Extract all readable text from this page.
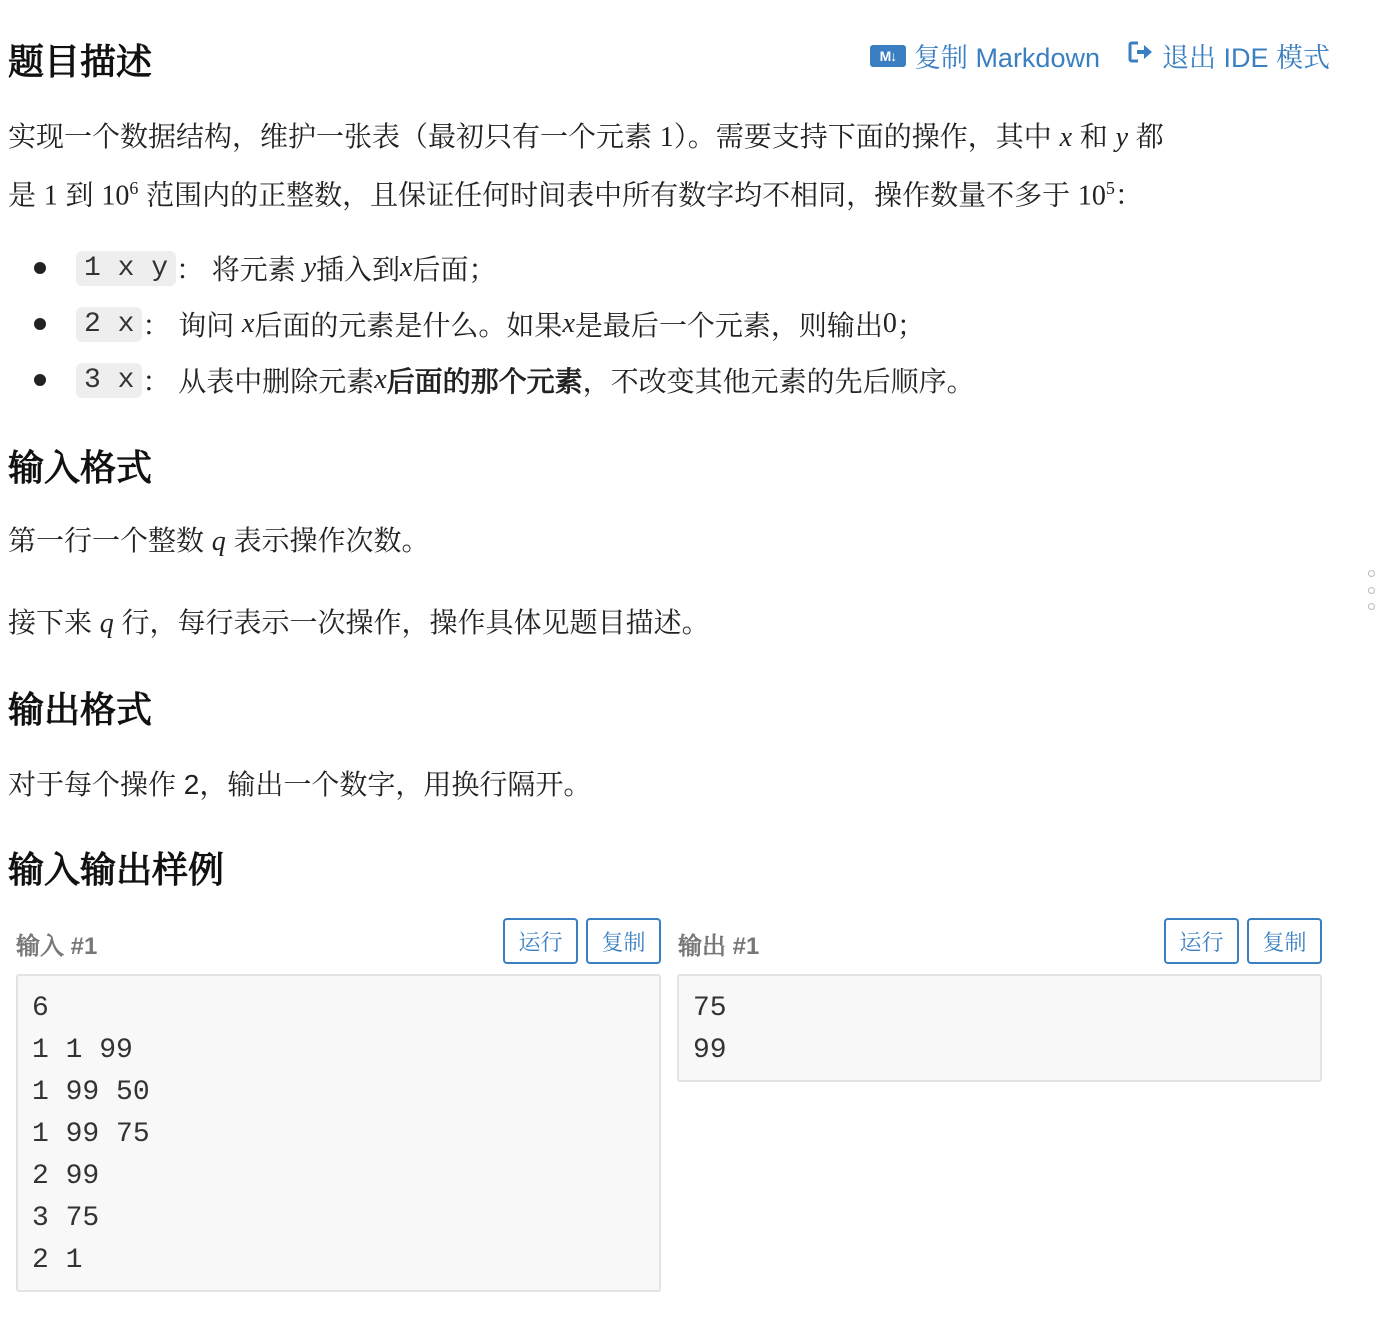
题目描述	M↓ 复制 Markdown 退出 IDE 模式
实现一个数据结构，维护一张表（最初只有一个元素 1）。需要支持下面的操作，其中 x 和 y 都
是 1 到 $10^6$ 范围内的正整数，且保证任何时间表中所有数字均不相同，操作数量不多于 $10^5$：
1 x y ： 将元素
y 插入到 x 后面；
2 x ： 询问
x 后面的元素是什么。如果 x 是最后一个元素，则输出 0 ；
3 x ： 从表中删除元素 x 后面的那个元素 ，不改变其他元素的先后顺序。
输入格式
第一行一个整数 q 表示操作次数。
接下来 q 行，每行表示一次操作，操作具体见题目描述。
输出格式
对于每个操作 2，输出一个数字，用换行隔开。
输入输出样例
输入 #1	运行	复制	输出 #1	运行	复制
6
1 1 99
1 99 50
1 99 75
2 99
3 75
2 1
75
99
